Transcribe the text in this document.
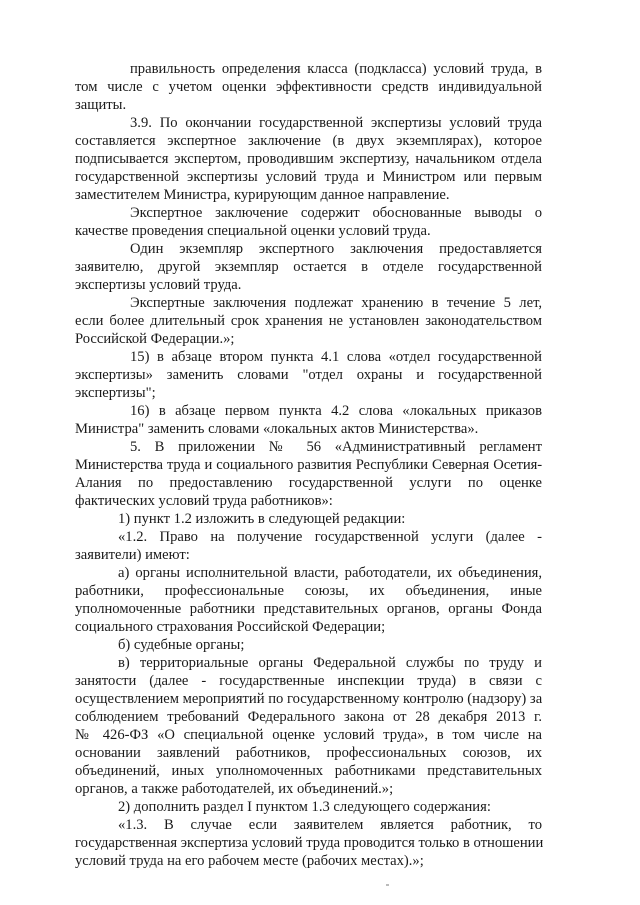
правильность определения класса (подкласса) условий труда, в
том числе с учетом оценки эффективности средств индивидуальной
защиты.
3.9. По окончании государственной экспертизы условий труда
составляется экспертное заключение (в двух экземплярах), которое
подписывается экспертом, проводившим экспертизу, начальником отдела
государственной экспертизы условий труда и Министром или первым
заместителем Министра, курирующим данное направление.
Экспертное заключение содержит обоснованные выводы о
качестве проведения специальной оценки условий труда.
Один экземпляр экспертного заключения предоставляется
заявителю, другой экземпляр остается в отделе государственной
экспертизы условий труда.
Экспертные заключения подлежат хранению в течение 5 лет,
если более длительный срок хранения не установлен законодательством
Российской Федерации.»;
15) в абзаце втором пункта 4.1 слова «отдел государственной
экспертизы» заменить словами "отдел охраны и государственной
экспертизы";
16) в абзаце первом пункта 4.2 слова «локальных приказов
Министра" заменить словами «локальных актов Министерства».
5. В приложении № 56 «Административный регламент
Министерства труда и социального развития Республики Северная Осетия-
Алания по предоставлению государственной услуги по оценке
фактических условий труда работников»:
1) пункт 1.2 изложить в следующей редакции:
«1.2. Право на получение государственной услуги (далее -
заявители) имеют:
а) органы исполнительной власти, работодатели, их объединения,
работники, профессиональные союзы, их объединения, иные
уполномоченные работники представительных органов, органы Фонда
социального страхования Российской Федерации;
б) судебные органы;
в) территориальные органы Федеральной службы по труду и
занятости (далее - государственные инспекции труда) в связи с
осуществлением мероприятий по государственному контролю (надзору) за
соблюдением требований Федерального закона от 28 декабря 2013 г.
№ 426-ФЗ «О специальной оценке условий труда», в том числе на
основании заявлений работников, профессиональных союзов, их
объединений, иных уполномоченных работниками представительных
органов, а также работодателей, их объединений.»;
2) дополнить раздел I пунктом 1.3 следующего содержания:
«1.3. В случае если заявителем является работник, то
государственная экспертиза условий труда проводится только в отношении
условий труда на его рабочем месте (рабочих местах).»;
